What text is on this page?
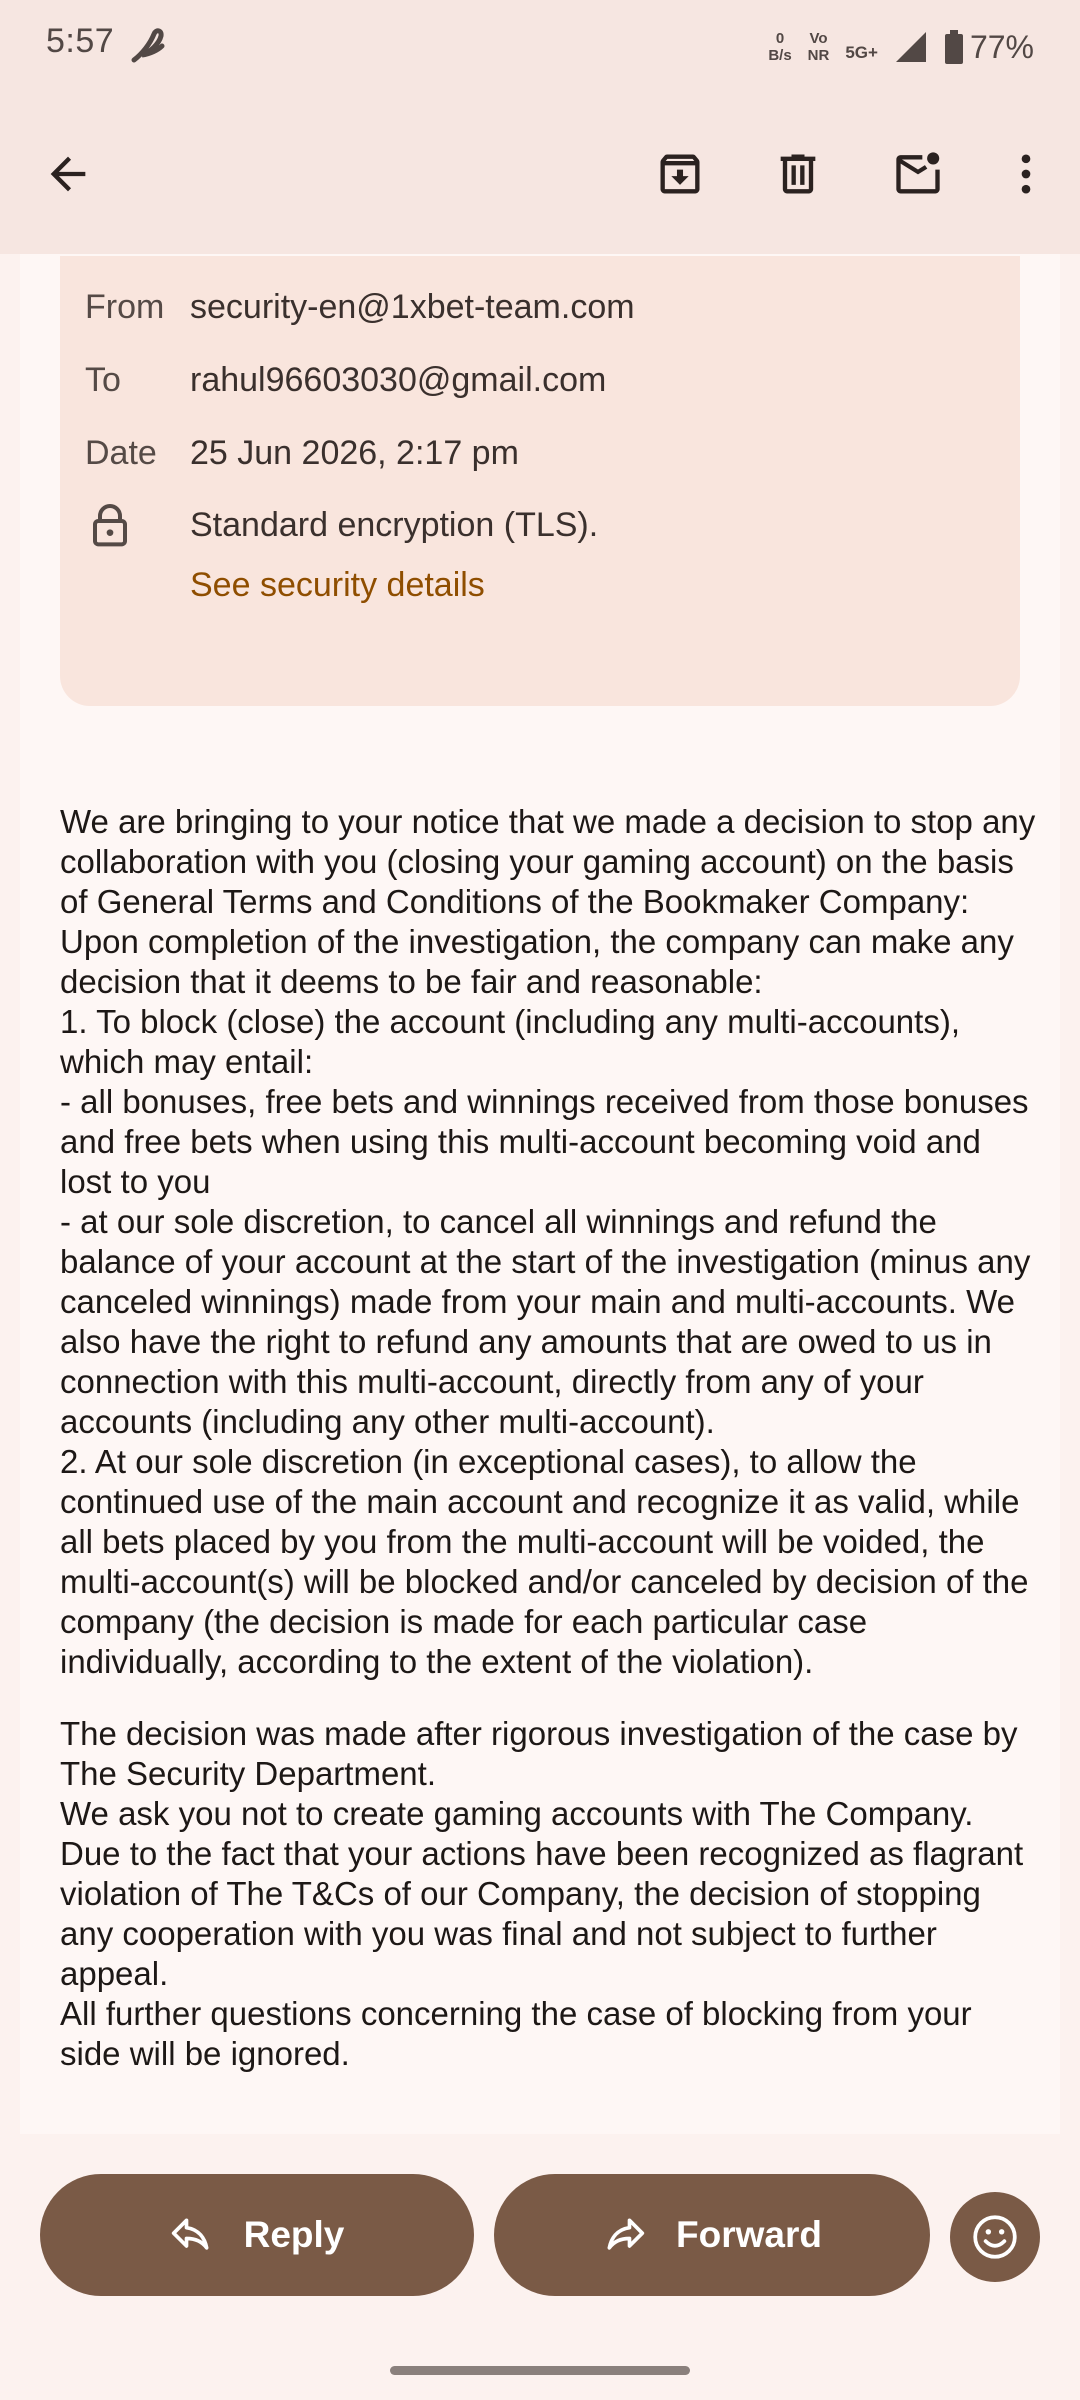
5:57	0
B/s
Vo
NR 5G+	77%
From security-en@1xbet-team.com
To	rahul96603030@gmail.com
Date 25 Jun 2026, 2:17 pm
Standard encryption (TLS).
See security details

We are bringing to your notice that we made a decision to stop any collaboration with you (closing your gaming account) on the basis of General Terms and Conditions of the Bookmaker Company:

Upon completion of the investigation, the company can make any decision that it deems to be fair and reasonable:

1. To block (close) the account (including any multi-accounts), which may entail:

- all bonuses, free bets and winnings received from those bonuses and free bets when using this multi-account becoming void and lost to you

- at our sole discretion, to cancel all winnings and refund the balance of your account at the start of the investigation (minus any canceled winnings) made from your main and multi-accounts. We also have the right to refund any amounts that are owed to us in connection with this multi-account, directly from any of your accounts (including any other multi-account).

2. At our sole discretion (in exceptional cases), to allow the continued use of the main account and recognize it as valid, while all bets placed by you from the multi-account will be voided, the multi-account(s) will be blocked and/or canceled by decision of the company (the decision is made for each particular case individually, according to the extent of the violation).

The decision was made after rigorous investigation of the case by The Security Department.

We ask you not to create gaming accounts with The Company. Due to the fact that your actions have been recognized as flagrant violation of The T&Cs of our Company, the decision of stopping any cooperation with you was final and not subject to further appeal.

All further questions concerning the case of blocking from your side will be ignored.

Reply	Forward
